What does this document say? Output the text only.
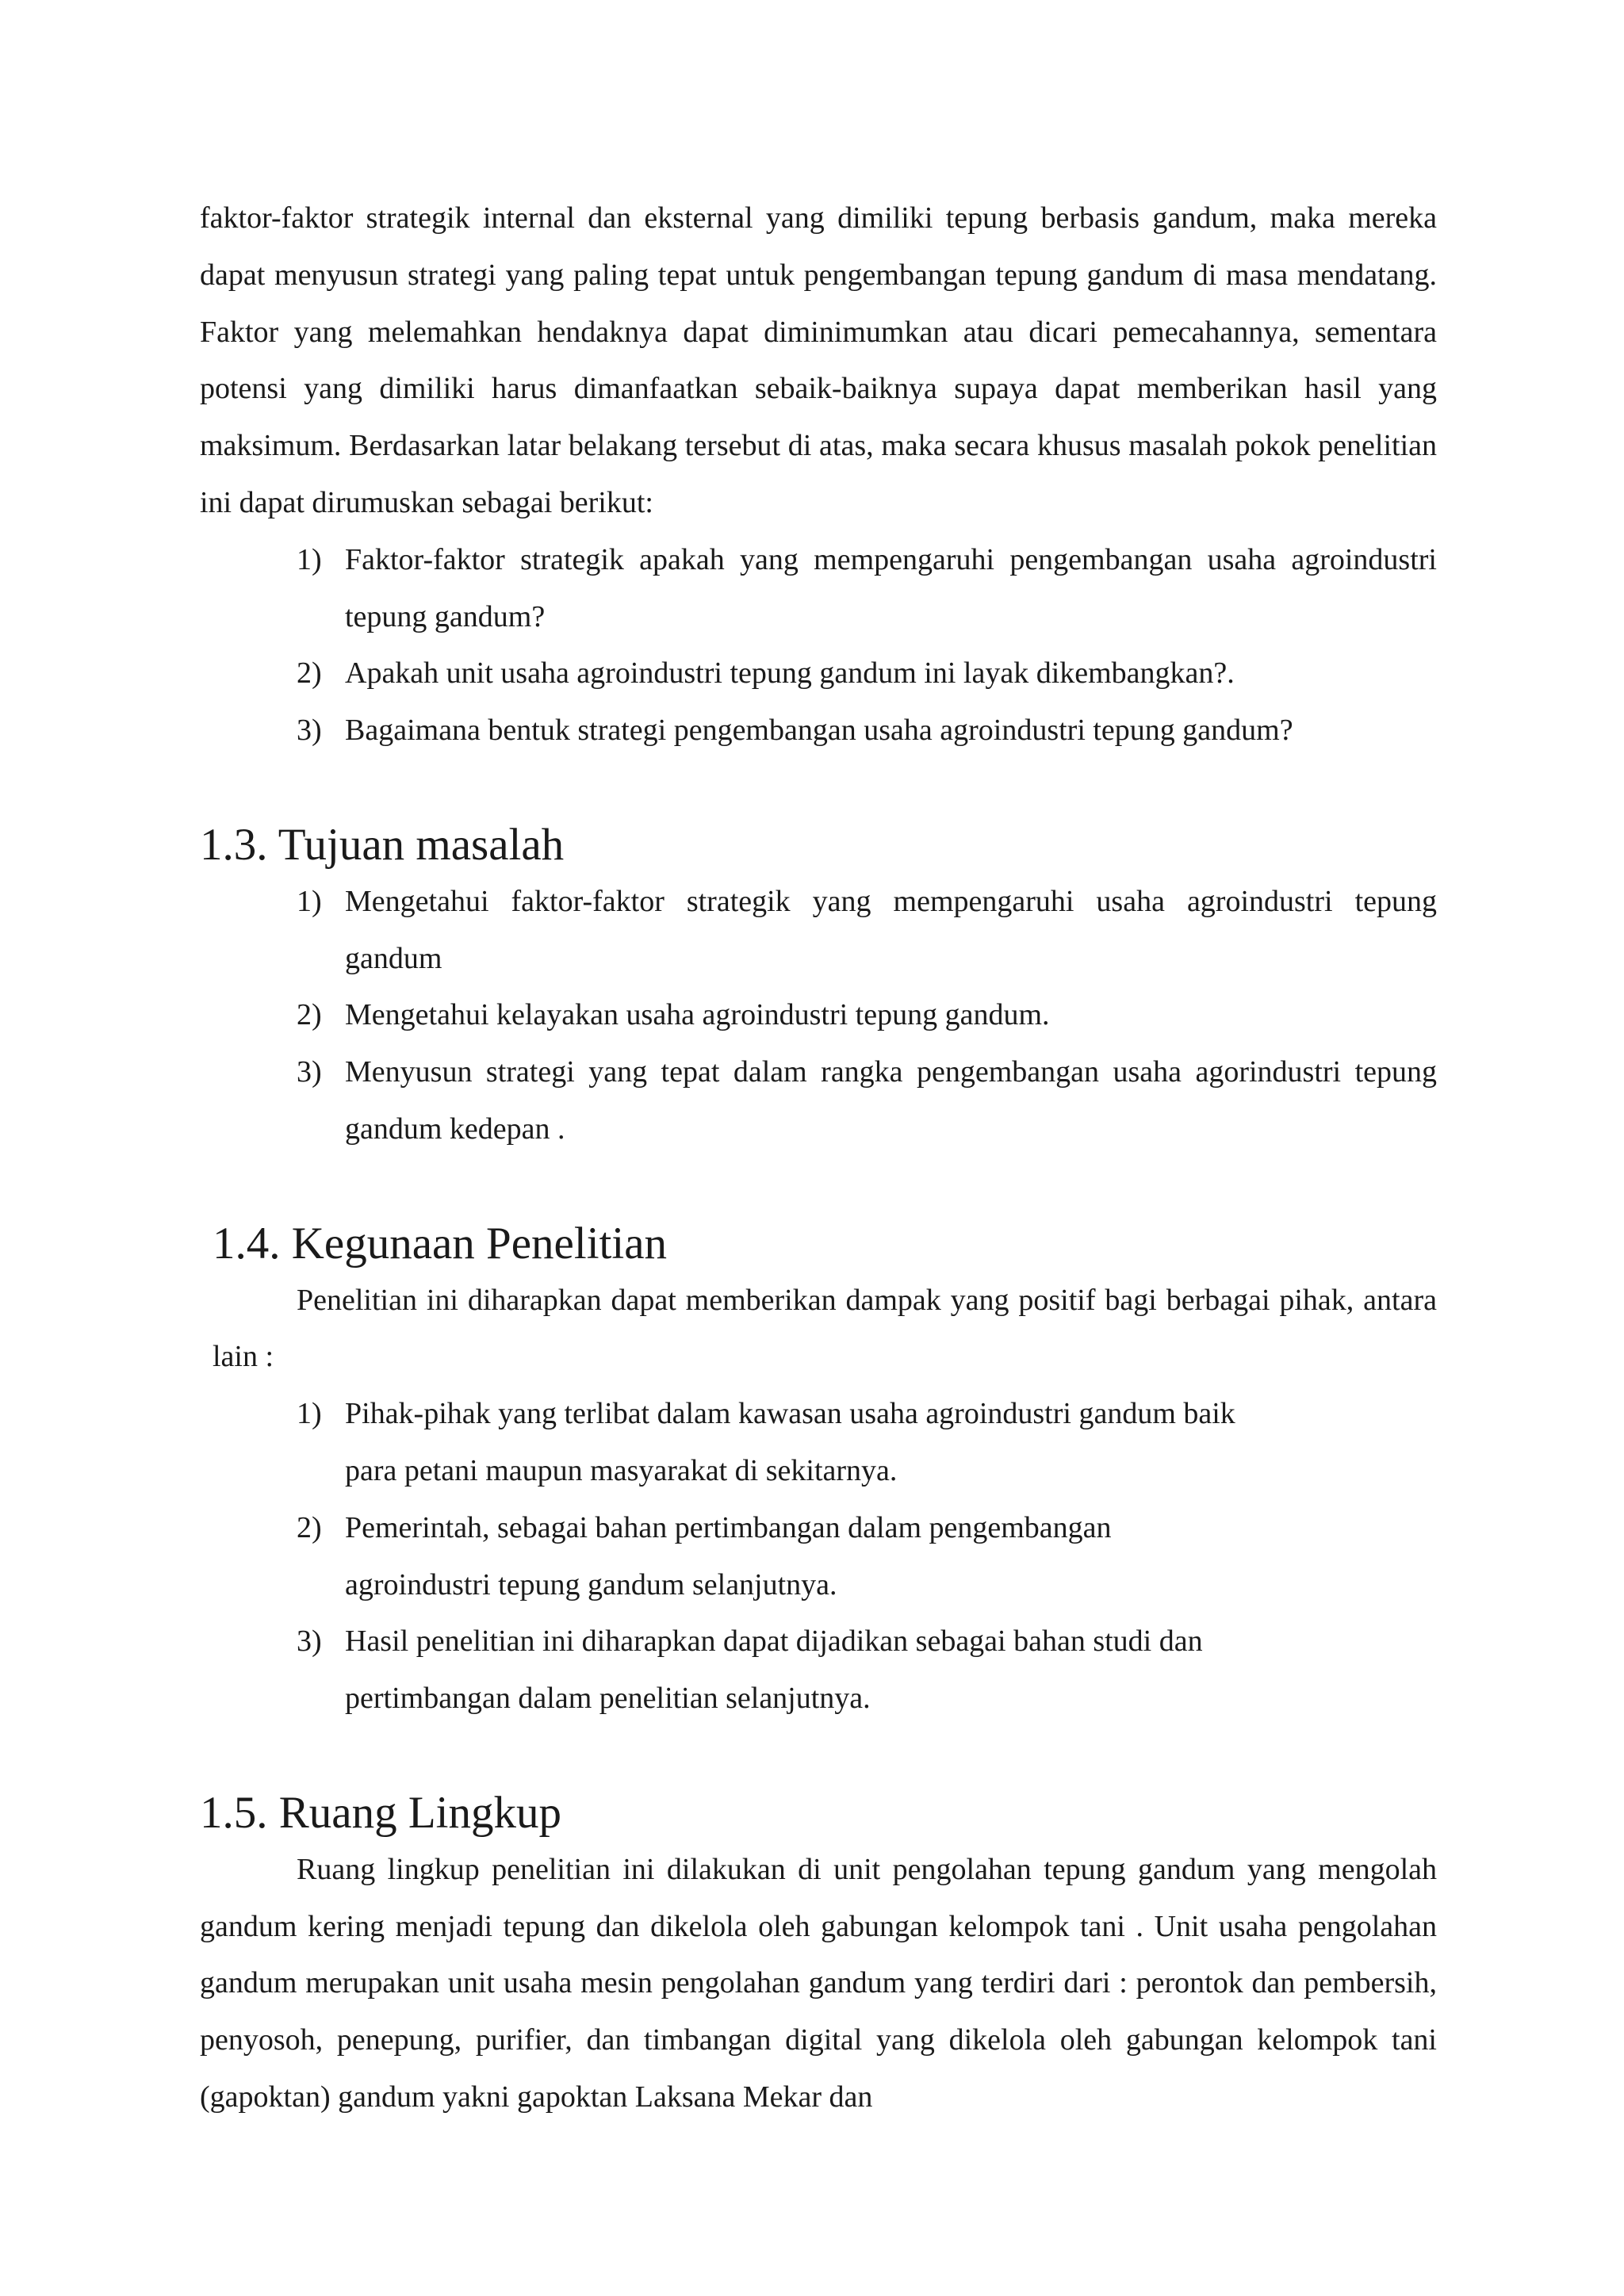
faktor-faktor strategik internal dan eksternal yang dimiliki tepung berbasis gandum, maka mereka dapat menyusun strategi yang paling tepat untuk pengembangan tepung gandum di masa mendatang. Faktor yang melemahkan hendaknya dapat diminimumkan atau dicari pemecahannya, sementara potensi yang dimiliki harus dimanfaatkan sebaik-baiknya supaya dapat memberikan hasil yang maksimum. Berdasarkan latar belakang tersebut di atas, maka secara khusus masalah pokok penelitian ini dapat dirumuskan sebagai berikut:

1) Faktor-faktor strategik apakah yang mempengaruhi pengembangan usaha agroindustri tepung gandum?
2) Apakah unit usaha agroindustri tepung gandum ini layak dikembangkan?.
3) Bagaimana bentuk strategi pengembangan usaha agroindustri tepung gandum?
1.3. Tujuan masalah
1) Mengetahui faktor-faktor strategik yang mempengaruhi usaha agroindustri tepung gandum
2) Mengetahui kelayakan usaha agroindustri tepung gandum.
3) Menyusun strategi yang tepat dalam rangka pengembangan usaha agorindustri tepung gandum kedepan .
1.4. Kegunaan Penelitian

Penelitian ini diharapkan dapat memberikan dampak yang positif bagi berbagai pihak, antara lain :

1) Pihak-pihak yang terlibat dalam kawasan usaha agroindustri gandum baik
para petani maupun masyarakat di sekitarnya.
2) Pemerintah, sebagai bahan pertimbangan dalam pengembangan
agroindustri tepung gandum selanjutnya.
3) Hasil penelitian ini diharapkan dapat dijadikan sebagai bahan studi dan
pertimbangan dalam penelitian selanjutnya.
1.5. Ruang Lingkup

Ruang lingkup penelitian ini dilakukan di unit pengolahan tepung gandum yang mengolah gandum kering menjadi tepung dan dikelola oleh gabungan kelompok tani . Unit usaha pengolahan gandum merupakan unit usaha mesin pengolahan gandum yang terdiri dari : perontok dan pembersih, penyosoh, penepung, purifier, dan timbangan digital yang dikelola oleh gabungan kelompok tani (gapoktan) gandum yakni gapoktan Laksana Mekar dan
